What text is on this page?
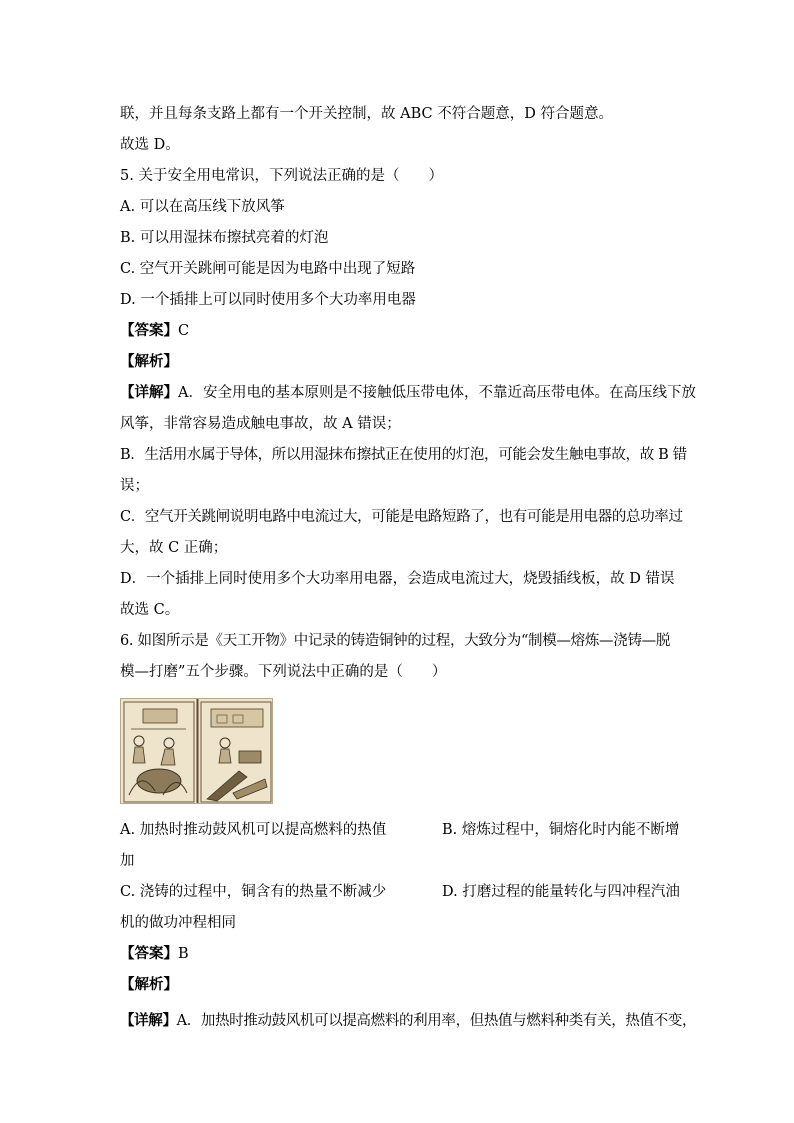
联，并且每条支路上都有一个开关控制，故 ABC 不符合题意，D 符合题意。
故选 D。
5. 关于安全用电常识，下列说法正确的是（　　）
A. 可以在高压线下放风筝
B. 可以用湿抹布擦拭亮着的灯泡
C. 空气开关跳闸可能是因为电路中出现了短路
D. 一个插排上可以同时使用多个大功率用电器
【答案】C
【解析】
【详解】A．安全用电的基本原则是不接触低压带电体，不靠近高压带电体。在高压线下放
风筝，非常容易造成触电事故，故 A 错误；
B．生活用水属于导体，所以用湿抹布擦拭正在使用的灯泡，可能会发生触电事故，故 B 错
误；
C．空气开关跳闸说明电路中电流过大，可能是电路短路了，也有可能是用电器的总功率过
大，故 C 正确；
D．一个插排上同时使用多个大功率用电器，会造成电流过大，烧毁插线板，故 D 错误
故选 C。
6. 如图所示是《天工开物》中记录的铸造铜钟的过程，大致分为“制模—熔炼—浇铸—脱
模—打磨”五个步骤。下列说法中正确的是（　　）
A. 加热时推动鼓风机可以提高燃料的热值	B. 熔炼过程中，铜熔化时内能不断增
加
C. 浇铸的过程中，铜含有的热量不断减少	D. 打磨过程的能量转化与四冲程汽油
机的做功冲程相同
【答案】B
【解析】
【详解】A．加热时推动鼓风机可以提高燃料的利用率，但热值与燃料种类有关，热值不变，
